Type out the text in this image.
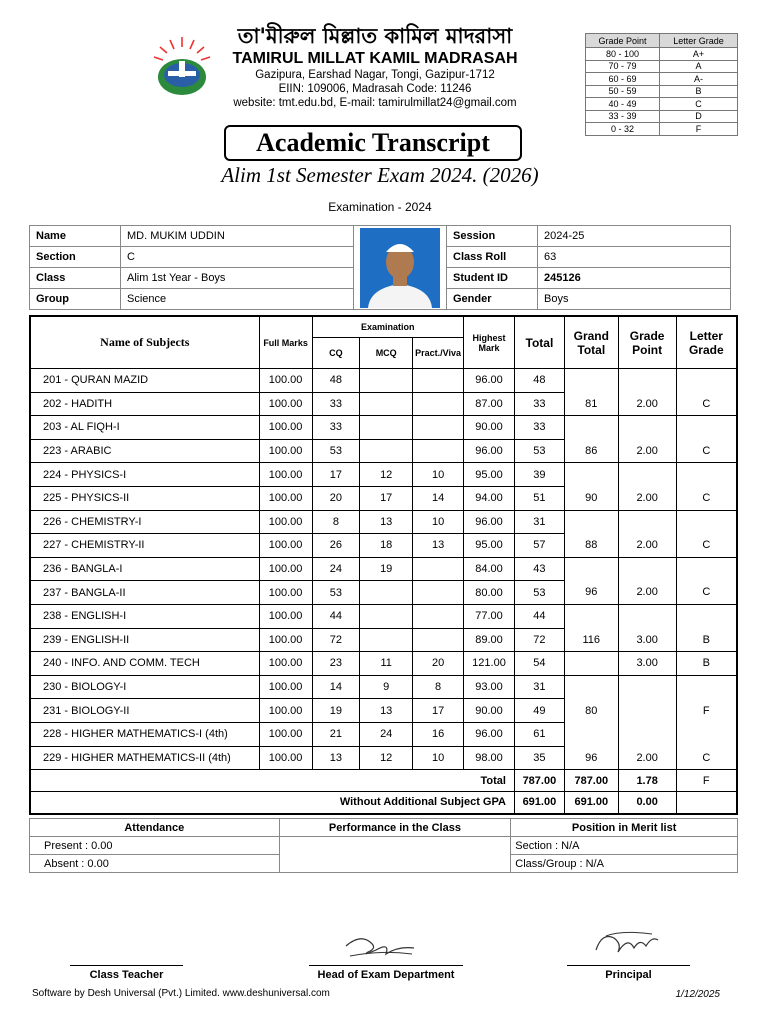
তা'মীরুল মিল্লাত কামিল মাদরাসা
TAMIRUL MILLAT KAMIL MADRASAH
Gazipura, Earshad Nagar, Tongi, Gazipur-1712
EIIN: 109006, Madrasah Code: 11246
website: tmt.edu.bd, E-mail: tamirulmillat24@gmail.com
Grade Point	Letter Grade
80 - 100	A+
70 - 79	A
60 - 69	A-
50 - 59	B
40 - 49	C
33 - 39	D
0 - 32	F
Academic Transcript
Alim 1st Semester Exam 2024. (2026)
Examination - 2024
Name	MD. MUKIM UDDIN		Session	2024-25
Section	C		Class Roll	63
Class	Alim 1st Year - Boys		Student ID	245126
Group	Science		Gender	Boys
Name of Subjects	Full Marks	Examination			Highest Mark	Total	Grand Total	Grade Point	Letter Grade
		CQ	MCQ	Pract./Viva					
201 - QURAN MAZID	100.00	48			96.00	48			
202 - HADITH	100.00	33			87.00	33	81	2.00	C
203 - AL FIQH-I	100.00	33			90.00	33			
223 - ARABIC	100.00	53			96.00	53	86	2.00	C
224 - PHYSICS-I	100.00	17	12	10	95.00	39			
225 - PHYSICS-II	100.00	20	17	14	94.00	51	90	2.00	C
226 - CHEMISTRY-I	100.00	8	13	10	96.00	31			
227 - CHEMISTRY-II	100.00	26	18	13	95.00	57	88	2.00	C
236 - BANGLA-I	100.00	24	19		84.00	43			
237 - BANGLA-II	100.00	53			80.00	53	96	2.00	C
238 - ENGLISH-I	100.00	44			77.00	44			
239 - ENGLISH-II	100.00	72			89.00	72	116	3.00	B
240 - INFO. AND COMM. TECH	100.00	23	11	20	121.00	54		3.00	B
230 - BIOLOGY-I	100.00	14	9	8	93.00	31			
231 - BIOLOGY-II	100.00	19	13	17	90.00	49	80		F
228 - HIGHER MATHEMATICS-I (4th)	100.00	21	24	16	96.00	61			
229 - HIGHER MATHEMATICS-II (4th)	100.00	13	12	10	98.00	35	96	2.00	C
Total						787.00	787.00	1.78	F
Without Additional Subject GPA						691.00	691.00	0.00	
Attendance	Performance in the Class	Position in Merit list
Present : 0.00		Section : N/A
Absent : 0.00		Class/Group : N/A
Class Teacher	Head of Exam Department	Principal
Software by Desh Universal (Pvt.) Limited. www.deshuniversal.com	1/12/2025
